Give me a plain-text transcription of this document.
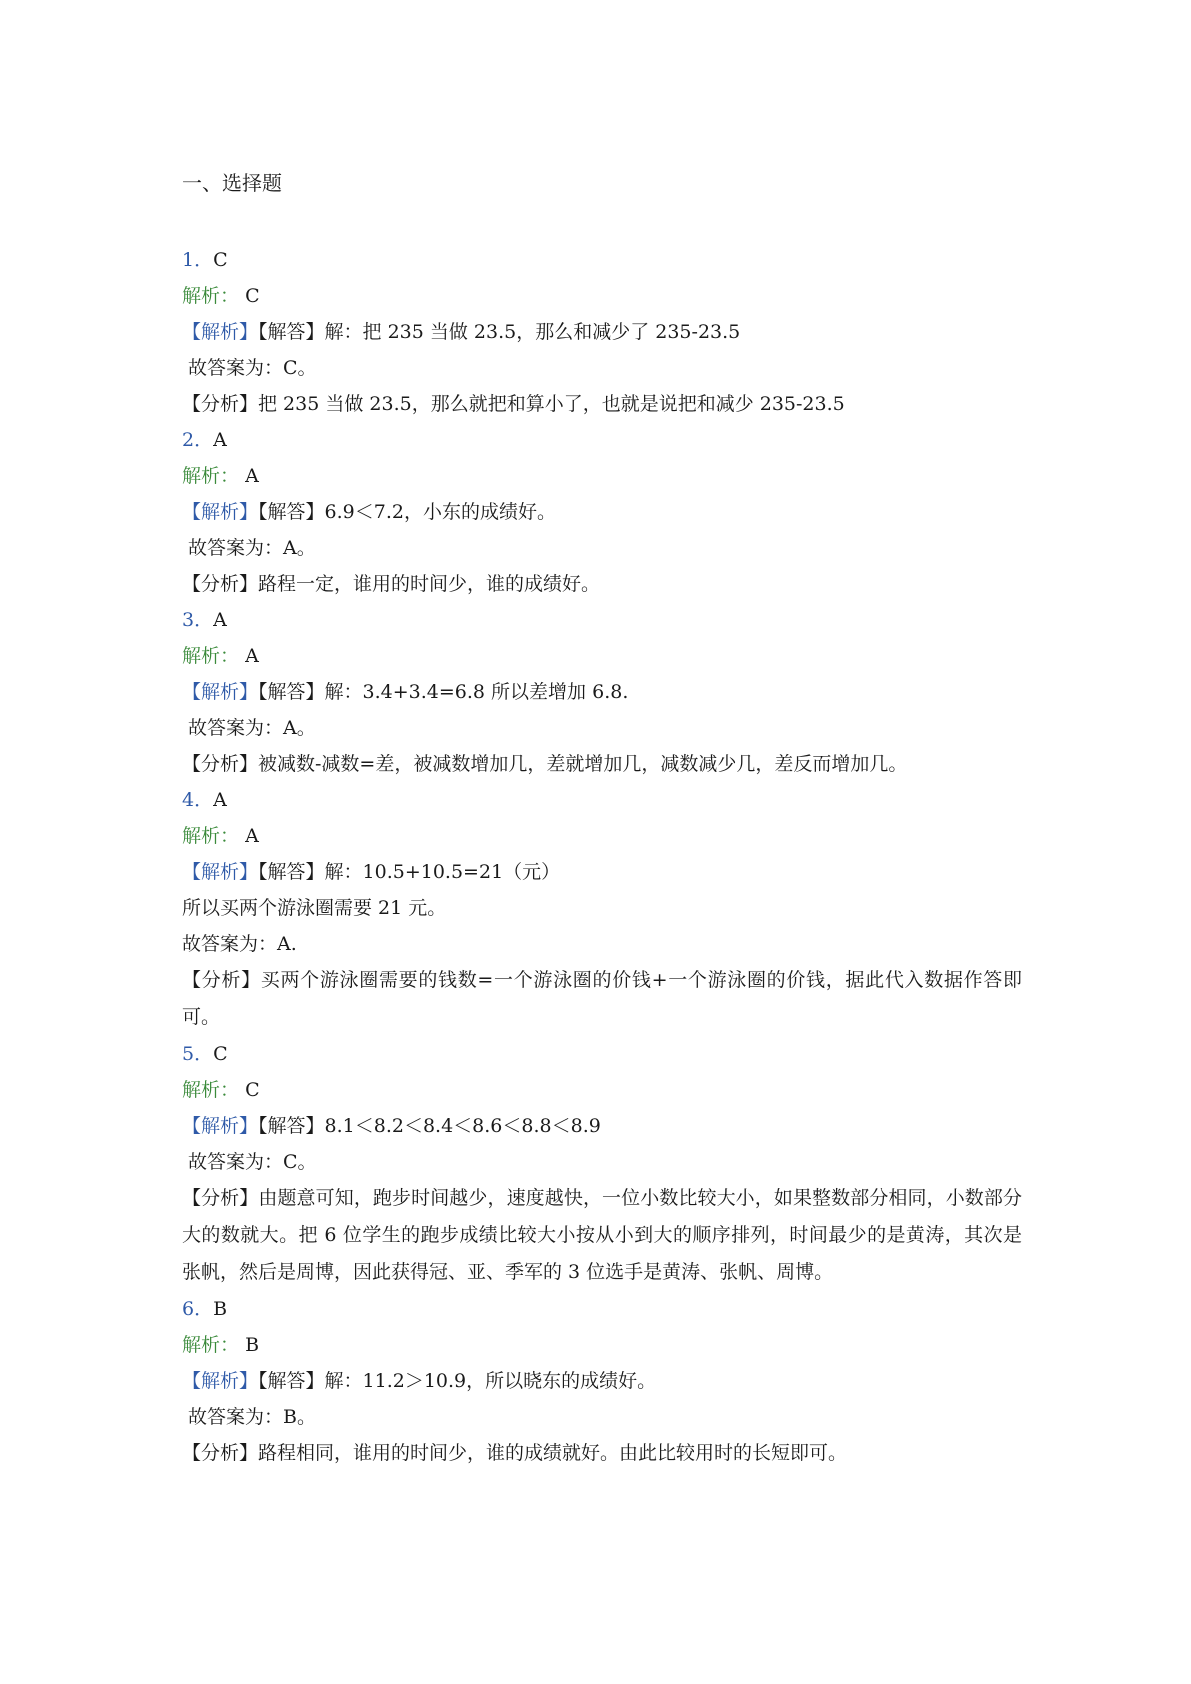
一、选择题
1．C
解析： C
【解析】【解答】解：把 235 当做 23.5，那么和减少了 235-23.5
故答案为：C。
【分析】把 235 当做 23.5，那么就把和算小了，也就是说把和减少 235-23.5
2．A
解析： A
【解析】【解答】6.9＜7.2，小东的成绩好。
故答案为：A。
【分析】路程一定，谁用的时间少，谁的成绩好。
3．A
解析： A
【解析】【解答】解：3.4+3.4=6.8 所以差增加 6.8.
故答案为：A。
【分析】被减数-减数=差，被减数增加几，差就增加几，减数减少几，差反而增加几。
4．A
解析： A
【解析】【解答】解：10.5+10.5=21（元）
所以买两个游泳圈需要 21 元。
故答案为：A.
【分析】买两个游泳圈需要的钱数=一个游泳圈的价钱+一个游泳圈的价钱，据此代入数据作答即可。
5．C
解析： C
【解析】【解答】8.1＜8.2＜8.4＜8.6＜8.8＜8.9
故答案为：C。
【分析】由题意可知，跑步时间越少，速度越快，一位小数比较大小，如果整数部分相同，小数部分大的数就大。把 6 位学生的跑步成绩比较大小按从小到大的顺序排列，时间最少的是黄涛，其次是张帆，然后是周博，因此获得冠、亚、季军的 3 位选手是黄涛、张帆、周博。
6．B
解析： B
【解析】【解答】解：11.2＞10.9，所以晓东的成绩好。
故答案为：B。
【分析】路程相同，谁用的时间少，谁的成绩就好。由此比较用时的长短即可。
